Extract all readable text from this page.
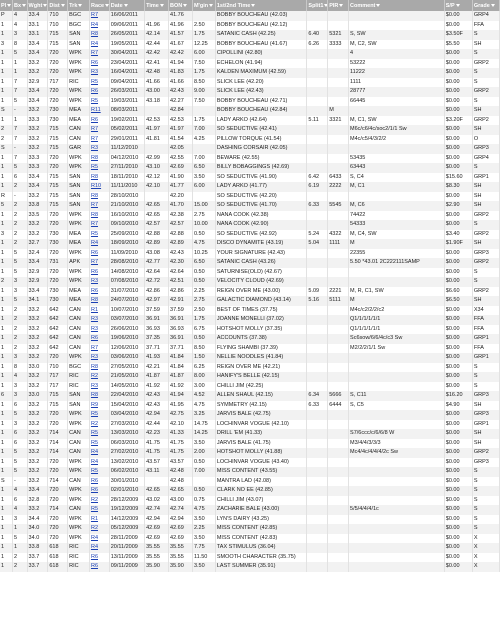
Pl	Bx	Wght	Dist	Trk	Race	Date	Time	BON	M'gin	1st/2nd Time	Split1	PIR	Comment	S/P	Grade
P	4	33.4	710	BGC	R7	16/06/2011		41.76		BOBBY BOUCHEAU (42.03)				$0.00	GRP4
1	4	33.1	710	BGC	R4	09/06/2011	41.96	41.96	2.50	BOBBY BOUCHEAU (42.12)				$0.00	FFA
1	3	33.1	715	SAN	R8	26/05/2011	42.14	41.57	1.75	SATANIC CASH (42.25)	6.40	5321	S, SW	$3.50F	S
3	8	33.4	715	SAN	R4	19/05/2011	42.44	41.67	12.25	BOBBY BOUCHEAU (41.67)	6.26	3333	M, C2, SW	$5.50	SH
1	5	33.4	720	WPK	R7	30/04/2011	42.42	42.42	6.00	CIPOLLINI (42.80)			4	$0.00	S
1	1	33.2	720	WPK	R6	23/04/2011	42.41	41.94	7.50	ECHELON (41.94)			53222	$0.00	GRP2
1	1	33.2	720	WPK	R3	16/04/2011	42.48	41.83	1.75	KALDEN MAXIMUM (42.59)			11222	$0.00	S
1	7	32.9	717	RIC	R5	09/04/2011	41.66	41.66	8.50	SLICK LEE (42.20)			1111	$0.00	S
1	7	33.4	720	WPK	R6	26/03/2011	43.00	42.43	9.00	SLICK LEE (42.43)			28777	$0.00	GRP2
1	5	33.4	720	WPK	R5	19/03/2011	43.18	42.27	7.50	BOBBY BOUCHEAU (42.71)			66445	$0.00	S
S	-	33.2	730	MEA	R11	08/03/2011		42.84		BOBBY BOUCHEAU (42.84)		M		$0.00	SH
1	1	33.3	730	MEA	R6	19/02/2011	42.53	42.53	1.75	LADY ARKO (42.64)	5.11	3321	M, C1, SW	$3.20F	GRP2
2	7	33.2	715	CAN	R7	05/02/2011	41.97	41.97	7.00	SO SEDUCTIVE (42.41)			M6c/c6/4c/soc2/1/1 Sw	$0.00	SH
2	7	33.2	715	CAN	R7	29/01/2011	41.81	41.54	4.25	PILLOW TORQUE (41.54)			M4c/c5/4/3/2/2	$0.00	O
S	-	33.2	715	GAR	R3	11/12/2010		42.05		DASHING CORSAIR (42.05)				$0.00	GRP3
1	7	33.3	720	WPK	R8	04/12/2010	42.99	42.55	7.00	BEWARE (42.55)			53435	$0.00	GRP4
1	5	33.3	720	WPK	R5	27/11/2010	43.10	42.69	6.50	BILLY BOBAGGINGS (42.69)			63443	$0.00	S
1	6	33.4	715	SAN	R8	18/11/2010	42.12	41.90	3.50	SO SEDUCTIVE (41.90)	6.42	6433	S, C4	$15.60	GRP1
1	2	33.4	715	SAN	R10	11/11/2010	42.10	41.77	6.00	LADY ARKO (41.77)	6.19	2222	M, C1	$8.30	SH
R	-	33.2	715	SAN	R8	28/10/2010		42.20		SO SEDUCTIVE (42.20)				$0.00	SH
5	2	33.8	715	SAN	R7	21/10/2010	42.65	41.70	15.00	SO SEDUCTIVE (41.70)	6.33	5545	M, C6	$2.90	SH
1	2	33.5	720	WPK	R8	16/10/2010	42.65	42.38	2.75	NANA COOK (42.38)			74422	$0.00	GRP2
1	2	33.2	720	WPK	R7	09/10/2010	42.57	42.57	10.00	NANA COOK (42.90)			54333	$0.00	S
3	2	33.2	730	MEA	R5	25/09/2010	42.88	42.88	0.50	SO SEDUCTIVE (42.92)	5.24	4322	M, C4, SW	$3.40	GRP2
1	2	32.7	730	MEA	R4	18/09/2010	42.89	42.89	4.75	DISCO DYNAMITE (43.19)	5.04	1111	M	$1.90F	SH
1	5	32.4	720	WPK	R6	11/09/2010	43.08	42.43	10.25	YOUR SIGNATURE (42.43)			22355	$0.00	GRP3
1	5	33.4	731	APK	R7	28/08/2010	42.77	42.30	6.50	SATANIC CASH (43.26)			5.50 *43.01 2C222111SAMP	$0.00	GRP2
1	5	32.9	720	WPK	R6	14/08/2010	42.64	42.64	0.50	SATURNISE(OLD) (42.67)				$0.00	S
2	3	32.9	720	WPK	R3	07/08/2010	42.72	42.51	0.50	VELOCITY CLOUD (42.69)				$0.00	S
1	3	33.4	730	MEA	R6	31/07/2010	42.86	42.86	2.25	REIGN OVER ME (43.00)	5.09	2221	M, R, C1, SW	$6.60	GRP2
1	5	34.1	730	MEA	R8	24/07/2010	42.97	42.91	2.75	GALACTIC DIAMOND (43.14)	5.16	5111	M	$6.50	SH
1	2	33.2	642	CAN	R1	10/07/2010	37.59	37.59	2.50	BEST OF TIMES (37.75)			M4c/c2/2/2/c2	$0.00	X34
1	2	33.2	642	CAN	R3	03/07/2010	36.91	36.91	1.75	JOANNE MONELLI (37.02)			Q1/1/1/1/1/1	$0.00	FFA
1	2	33.2	642	CAN	R3	26/06/2010	36.93	36.93	6.75	HOTSHOT MOLLY (37.35)			Q1/1/1/1/1/1	$0.00	FFA
1	2	33.2	642	CAN	R6	19/06/2010	37.35	36.91	0.50	ACCOUNTS (37.38)			Sc6sow/6/6/4c/c3 Sw	$0.00	GRP1
1	2	33.2	642	CAN	R7	12/06/2010	37.71	37.71	8.50	FLYING SHAMBI (37.39)			M2/2/2/1/1 Sw	$0.00	FFA
1	3	33.2	720	WPK	R3	03/06/2010	41.93	41.84	1.50	NELLIE NOODLES (41.84)				$0.00	GRP1
1	8	33.0	710	BGC	R8	27/05/2010	42.21	41.84	6.25	REIGN OVER ME (42.21)				$0.00	S
1	4	33.2	717	RIC	R2	21/05/2010	41.87	41.87	8.00	HANIFY'S BELLE (42.15)				$0.00	S
1	3	33.2	717	RIC	R3	14/05/2010	41.92	41.92	3.00	CHILLI JIM (42.25)				$0.00	S
6	3	33.0	715	SAN	R8	22/04/2010	42.43	41.94	4.52	ALLEN SHAUL (42.15)	6.34	5666	S, C11	$16.20	GRP3
1	6	33.2	715	SAN	R9	15/04/2010	42.43	41.95	4.75	SYMMETRY (42.15)	6.33	6444	S, C5	$4.90	SH
1	5	33.2	720	WPK	R5	03/04/2010	42.94	42.75	3.25	JARVIS BALE (42.75)				$0.00	GRP3
1	3	33.2	720	WPK	R2	27/03/2010	42.44	42.10	14.75	LOCHINVAR VOGUE (42.10)				$0.00	GRP1
1	6	33.2	714	CAN	R5	13/03/2010	42.23	41.33	14.25	DRILL 'EM (41.33)			S7/6ccc/c/6/6/8 W	$0.00	SH
1	6	33.2	714	CAN	R5	06/03/2010	41.75	41.75	3.50	JARVIS BALE (41.75)			M3/4/4/3/3/3	$0.00	SH
1	5	33.2	714	CAN	R4	27/02/2010	41.75	41.75	2.00	HOTSHOT MOLLY (41.88)			Mc4/4c/4/4/4/2c Sw	$0.00	GRP2
1	5	33.2	720	WPK	R4	13/02/2010	43.57	43.57	0.50	LOCHINVAR VOGUE (43.40)				$0.00	GRP3
1	5	33.2	720	WPK	R5	06/02/2010	43.11	42.48	7.00	MISS CONTENT (43.55)				$0.00	S
S	-	33.2	714	CAN	R6	30/01/2010		42.48		MANTRA LAD (42.08)				$0.00	S
1	4	33.4	720	WPK	R6	02/01/2010	42.65	42.65	0.50	CLARK NO EE (42.85)				$0.00	S
1	6	32.8	720	WPK	R2	28/12/2009	43.02	43.00	0.75	CHILLI JIM (43.07)				$0.00	S
1	4	33.2	714	CAN	R5	19/12/2009	42.74	42.74	4.75	ZACHARIE BALE (43.00)			5/5/4/4/4/1c	$0.00	S
1	3	34.4	720	WPK	R1	14/12/2009	42.94	42.94	3.50	LYN'S DAIRY (43.25)				$0.00	S
1	1	34.0	720	WPK	R2	05/12/2009	42.69	42.69	2.25	MISS CONTENT (42.85)				$0.00	S
1	5	34.0	720	WPK	R4	28/11/2009	42.69	42.69	3.50	MISS CONTENT (42.83)				$0.00	X
1	1	33.8	618	RIC	R4	20/11/2009	35.55	35.55	7.75	TAX STIMULUS (36.04)				$0.00	X
1	2	33.7	618	RIC	R6	13/11/2009	35.55	35.55	11.50	SMOOTH CHARACTER (35.75)				$0.00	X
1	2	33.7	618	RIC	R6	09/11/2009	35.90	35.90	3.50	LAST SUMMER (35.91)				$0.00	X
